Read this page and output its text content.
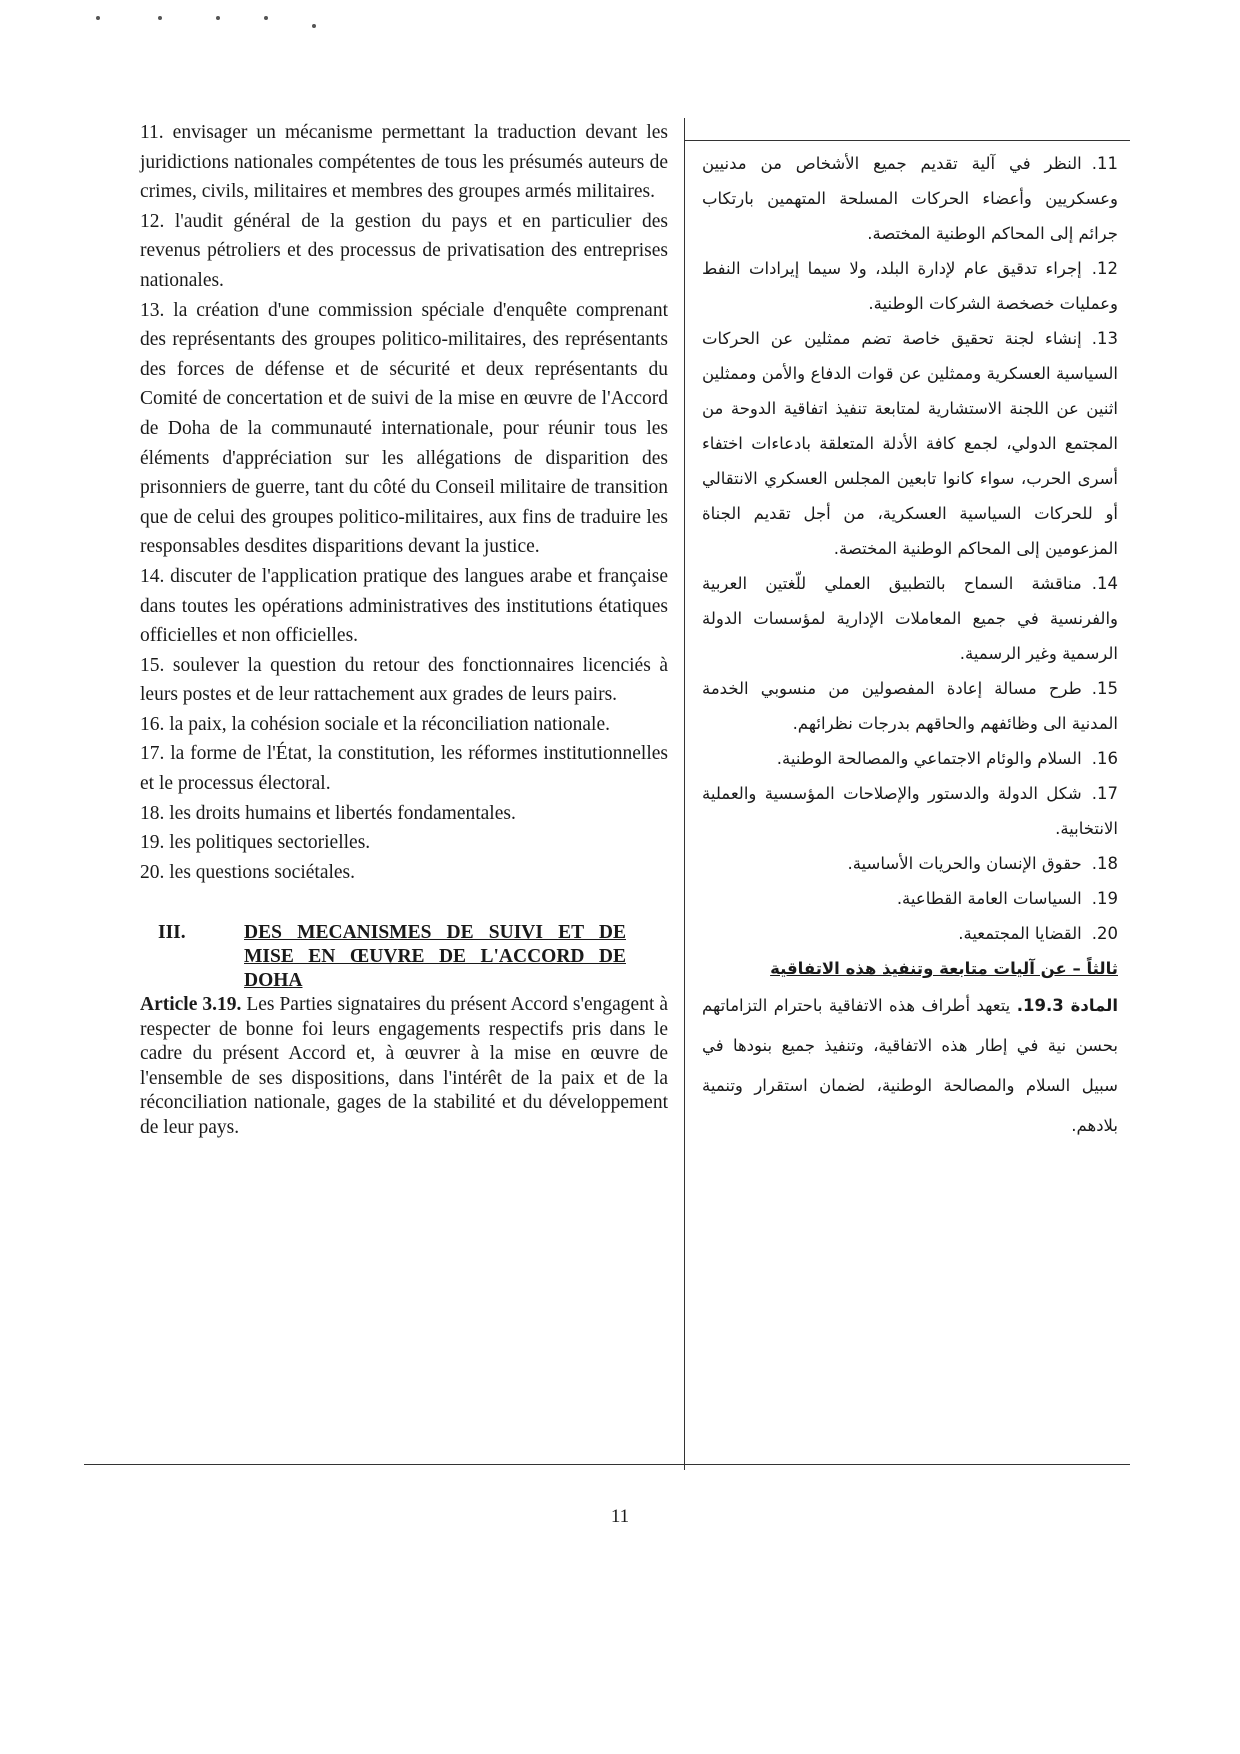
11. envisager un mécanisme permettant la traduction devant les juridictions nationales compétentes de tous les présumés auteurs de crimes, civils, militaires et membres des groupes armés militaires.

12. l'audit général de la gestion du pays et en particulier des revenus pétroliers et des processus de privatisation des entreprises nationales.

13. la création d'une commission spéciale d'enquête comprenant des représentants des groupes politico-militaires, des représentants des forces de défense et de sécurité et deux représentants du Comité de concertation et de suivi de la mise en œuvre de l'Accord de Doha de la communauté internationale, pour réunir tous les éléments d'appréciation sur les allégations de disparition des prisonniers de guerre, tant du côté du Conseil militaire de transition que de celui des groupes politico-militaires, aux fins de traduire les responsables desdites disparitions devant la justice.

14. discuter de l'application pratique des langues arabe et française dans toutes les opérations administratives des institutions étatiques officielles et non officielles.

15. soulever la question du retour des fonctionnaires licenciés à leurs postes et de leur rattachement aux grades de leurs pairs.

16. la paix, la cohésion sociale et la réconciliation nationale.

17. la forme de l'État, la constitution, les réformes institutionnelles et le processus électoral.

18. les droits humains et libertés fondamentales.

19. les politiques sectorielles.

20. les questions sociétales.

III.	DES MECANISMES DE SUIVI ET DE MISE EN ŒUVRE DE L'ACCORD DE DOHA

Article 3.19. Les Parties signataires du présent Accord s'engagent à respecter de bonne foi leurs engagements respectifs pris dans le cadre du présent Accord et, à œuvrer à la mise en œuvre de l'ensemble de ses dispositions, dans l'intérêt de la paix et de la réconciliation nationale, gages de la stabilité et du développement de leur pays.

11.النظر في آلية تقديم جميع الأشخاص من مدنيين وعسكريين وأعضاء الحركات المسلحة المتهمين بارتكاب جرائم إلى المحاكم الوطنية المختصة.

12.إجراء تدقيق عام لإدارة البلد، ولا سيما إيرادات النفط وعمليات خصخصة الشركات الوطنية.

13.إنشاء لجنة تحقيق خاصة تضم ممثلين عن الحركات السياسية العسكرية وممثلين عن قوات الدفاع والأمن وممثلين اثنين عن اللجنة الاستشارية لمتابعة تنفيذ اتفاقية الدوحة من المجتمع الدولي، لجمع كافة الأدلة المتعلقة بادعاءات اختفاء أسرى الحرب، سواء كانوا تابعين المجلس العسكري الانتقالي أو للحركات السياسية العسكرية، من أجل تقديم الجناة المزعومين إلى المحاكم الوطنية المختصة.

14.مناقشة السماح بالتطبيق العملي للّغتين العربية والفرنسية في جميع المعاملات الإدارية لمؤسسات الدولة الرسمية وغير الرسمية.

15.طرح مسالة إعادة المفصولين من منسوبي الخدمة المدنية الى وظائفهم والحاقهم بدرجات نظرائهم.

16.السلام والوئام الاجتماعي والمصالحة الوطنية.

17.شكل الدولة والدستور والإصلاحات المؤسسية والعملية الانتخابية.

18.حقوق الإنسان والحريات الأساسية.

19.السياسات العامة القطاعية.

20.القضايا المجتمعية.

ثالثاً – عن آليات متابعة وتنفيذ هذه الاتفاقية

المادة 19.3. يتعهد أطراف هذه الاتفاقية باحترام التزاماتهم بحسن نية في إطار هذه الاتفاقية، وتنفيذ جميع بنودها في سبيل السلام والمصالحة الوطنية، لضمان استقرار وتنمية بلادهم.

11
